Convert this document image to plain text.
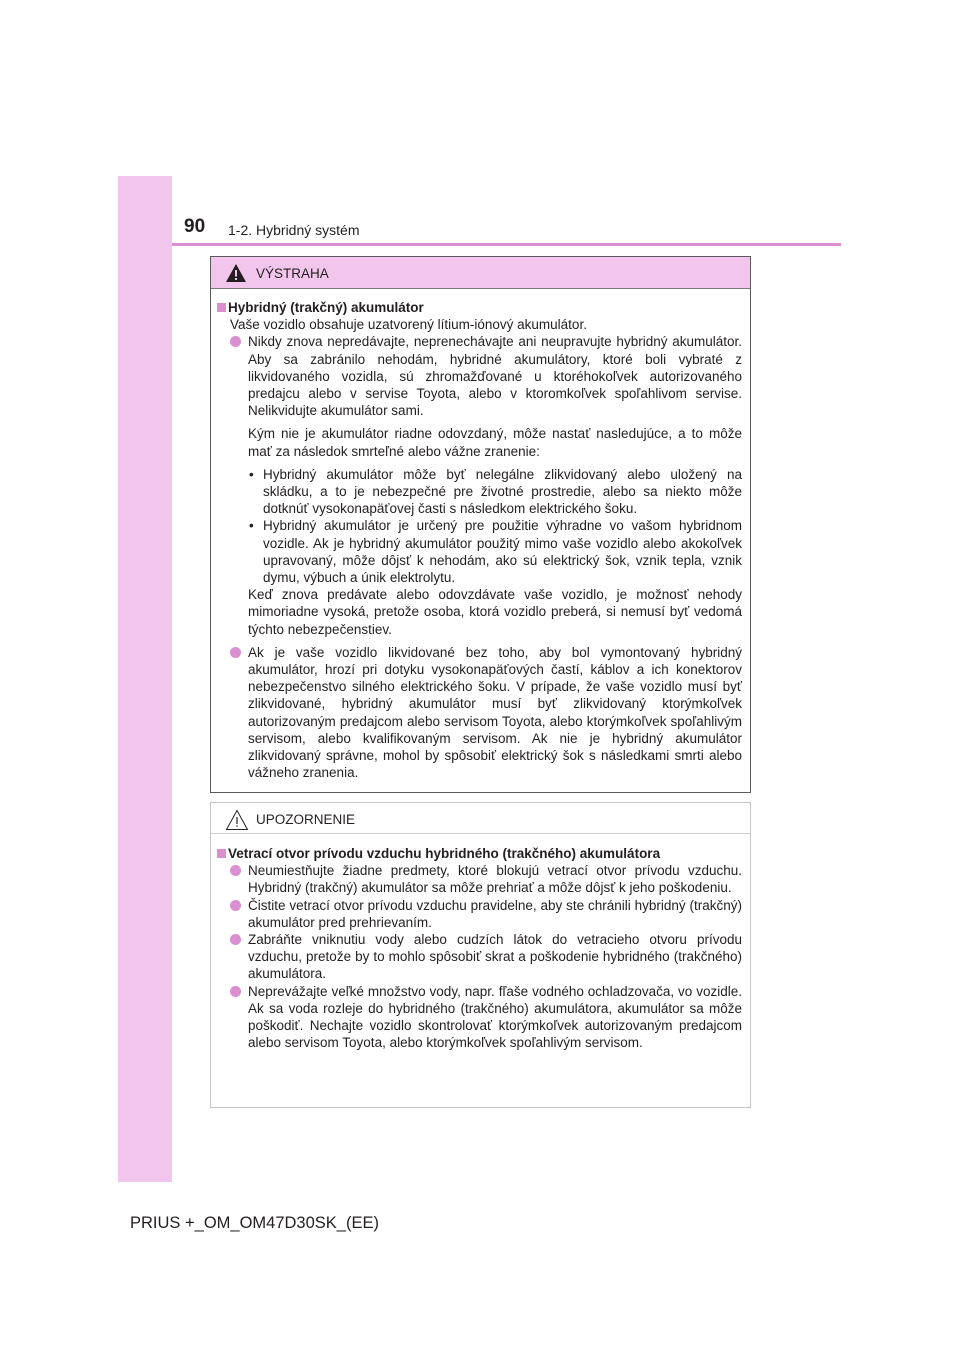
90 1-2. Hybridný systém
VÝSTRAHA
Hybridný (trakčný) akumulátor
Vaše vozidlo obsahuje uzatvorený lítium-iónový akumulátor.
Nikdy znova nepredávajte, neprenechávajte ani neupravujte hybridný akumulátor. Aby sa zabránilo nehodám, hybridné akumulátory, ktoré boli vybraté z likvidovaného vozidla, sú zhromažďované u ktoréhokoľvek autorizovaného predajcu alebo v servise Toyota, alebo v ktoromkoľvek spoľahlivom servise. Nelikvidujte akumulátor sami.
Kým nie je akumulátor riadne odovzdaný, môže nastať nasledujúce, a to môže mať za následok smrteľné alebo vážne zranenie:
• Hybridný akumulátor môže byť nelegálne zlikvidovaný alebo uložený na skládku, a to je nebezpečné pre životné prostredie, alebo sa niekto môže dotknúť vysokonapäťovej časti s následkom elektrického šoku.
• Hybridný akumulátor je určený pre použitie výhradne vo vašom hybridnom vozidle. Ak je hybridný akumulátor použitý mimo vaše vozidlo alebo akokoľvek upravovaný, môže dôjsť k nehodám, ako sú elektrický šok, vznik tepla, vznik dymu, výbuch a únik elektrolytu.
Keď znova predávate alebo odovzdávate vaše vozidlo, je možnosť nehody mimoriadne vysoká, pretože osoba, ktorá vozidlo preberá, si nemusí byť vedomá týchto nebezpečenstiev.
Ak je vaše vozidlo likvidované bez toho, aby bol vymontovaný hybridný akumulátor, hrozí pri dotyku vysokonapäťových častí, káblov a ich konektorov nebezpečenstvo silného elektrického šoku. V prípade, že vaše vozidlo musí byť zlikvidované, hybridný akumulátor musí byť zlikvidovaný ktorýmkoľvek autorizovaným predajcom alebo servisom Toyota, alebo ktorýmkoľvek spoľahlivým servisom, alebo kvalifikovaným servisom. Ak nie je hybridný akumulátor zlikvidovaný správne, mohol by spôsobiť elektrický šok s následkami smrti alebo vážneho zranenia.
UPOZORNENIE
Vetrací otvor prívodu vzduchu hybridného (trakčného) akumulátora
Neumiestňujte žiadne predmety, ktoré blokujú vetrací otvor prívodu vzduchu. Hybridný (trakčný) akumulátor sa môže prehriať a môže dôjsť k jeho poškodeniu.
Čistite vetrací otvor prívodu vzduchu pravidelne, aby ste chránili hybridný (trakčný) akumulátor pred prehrievaním.
Zabráňte vniknutiu vody alebo cudzích látok do vetracieho otvoru prívodu vzduchu, pretože by to mohlo spôsobiť skrat a poškodenie hybridného (trakčného) akumulátora.
Neprevážajte veľké množstvo vody, napr. fľaše vodného ochladzovača, vo vozidle. Ak sa voda rozleje do hybridného (trakčného) akumulátora, akumulátor sa môže poškodiť. Nechajte vozidlo skontrolovať ktorýmkoľvek autorizovaným predajcom alebo servisom Toyota, alebo ktorýmkoľvek spoľahlivým servisom.
PRIUS +_OM_OM47D30SK_(EE)
